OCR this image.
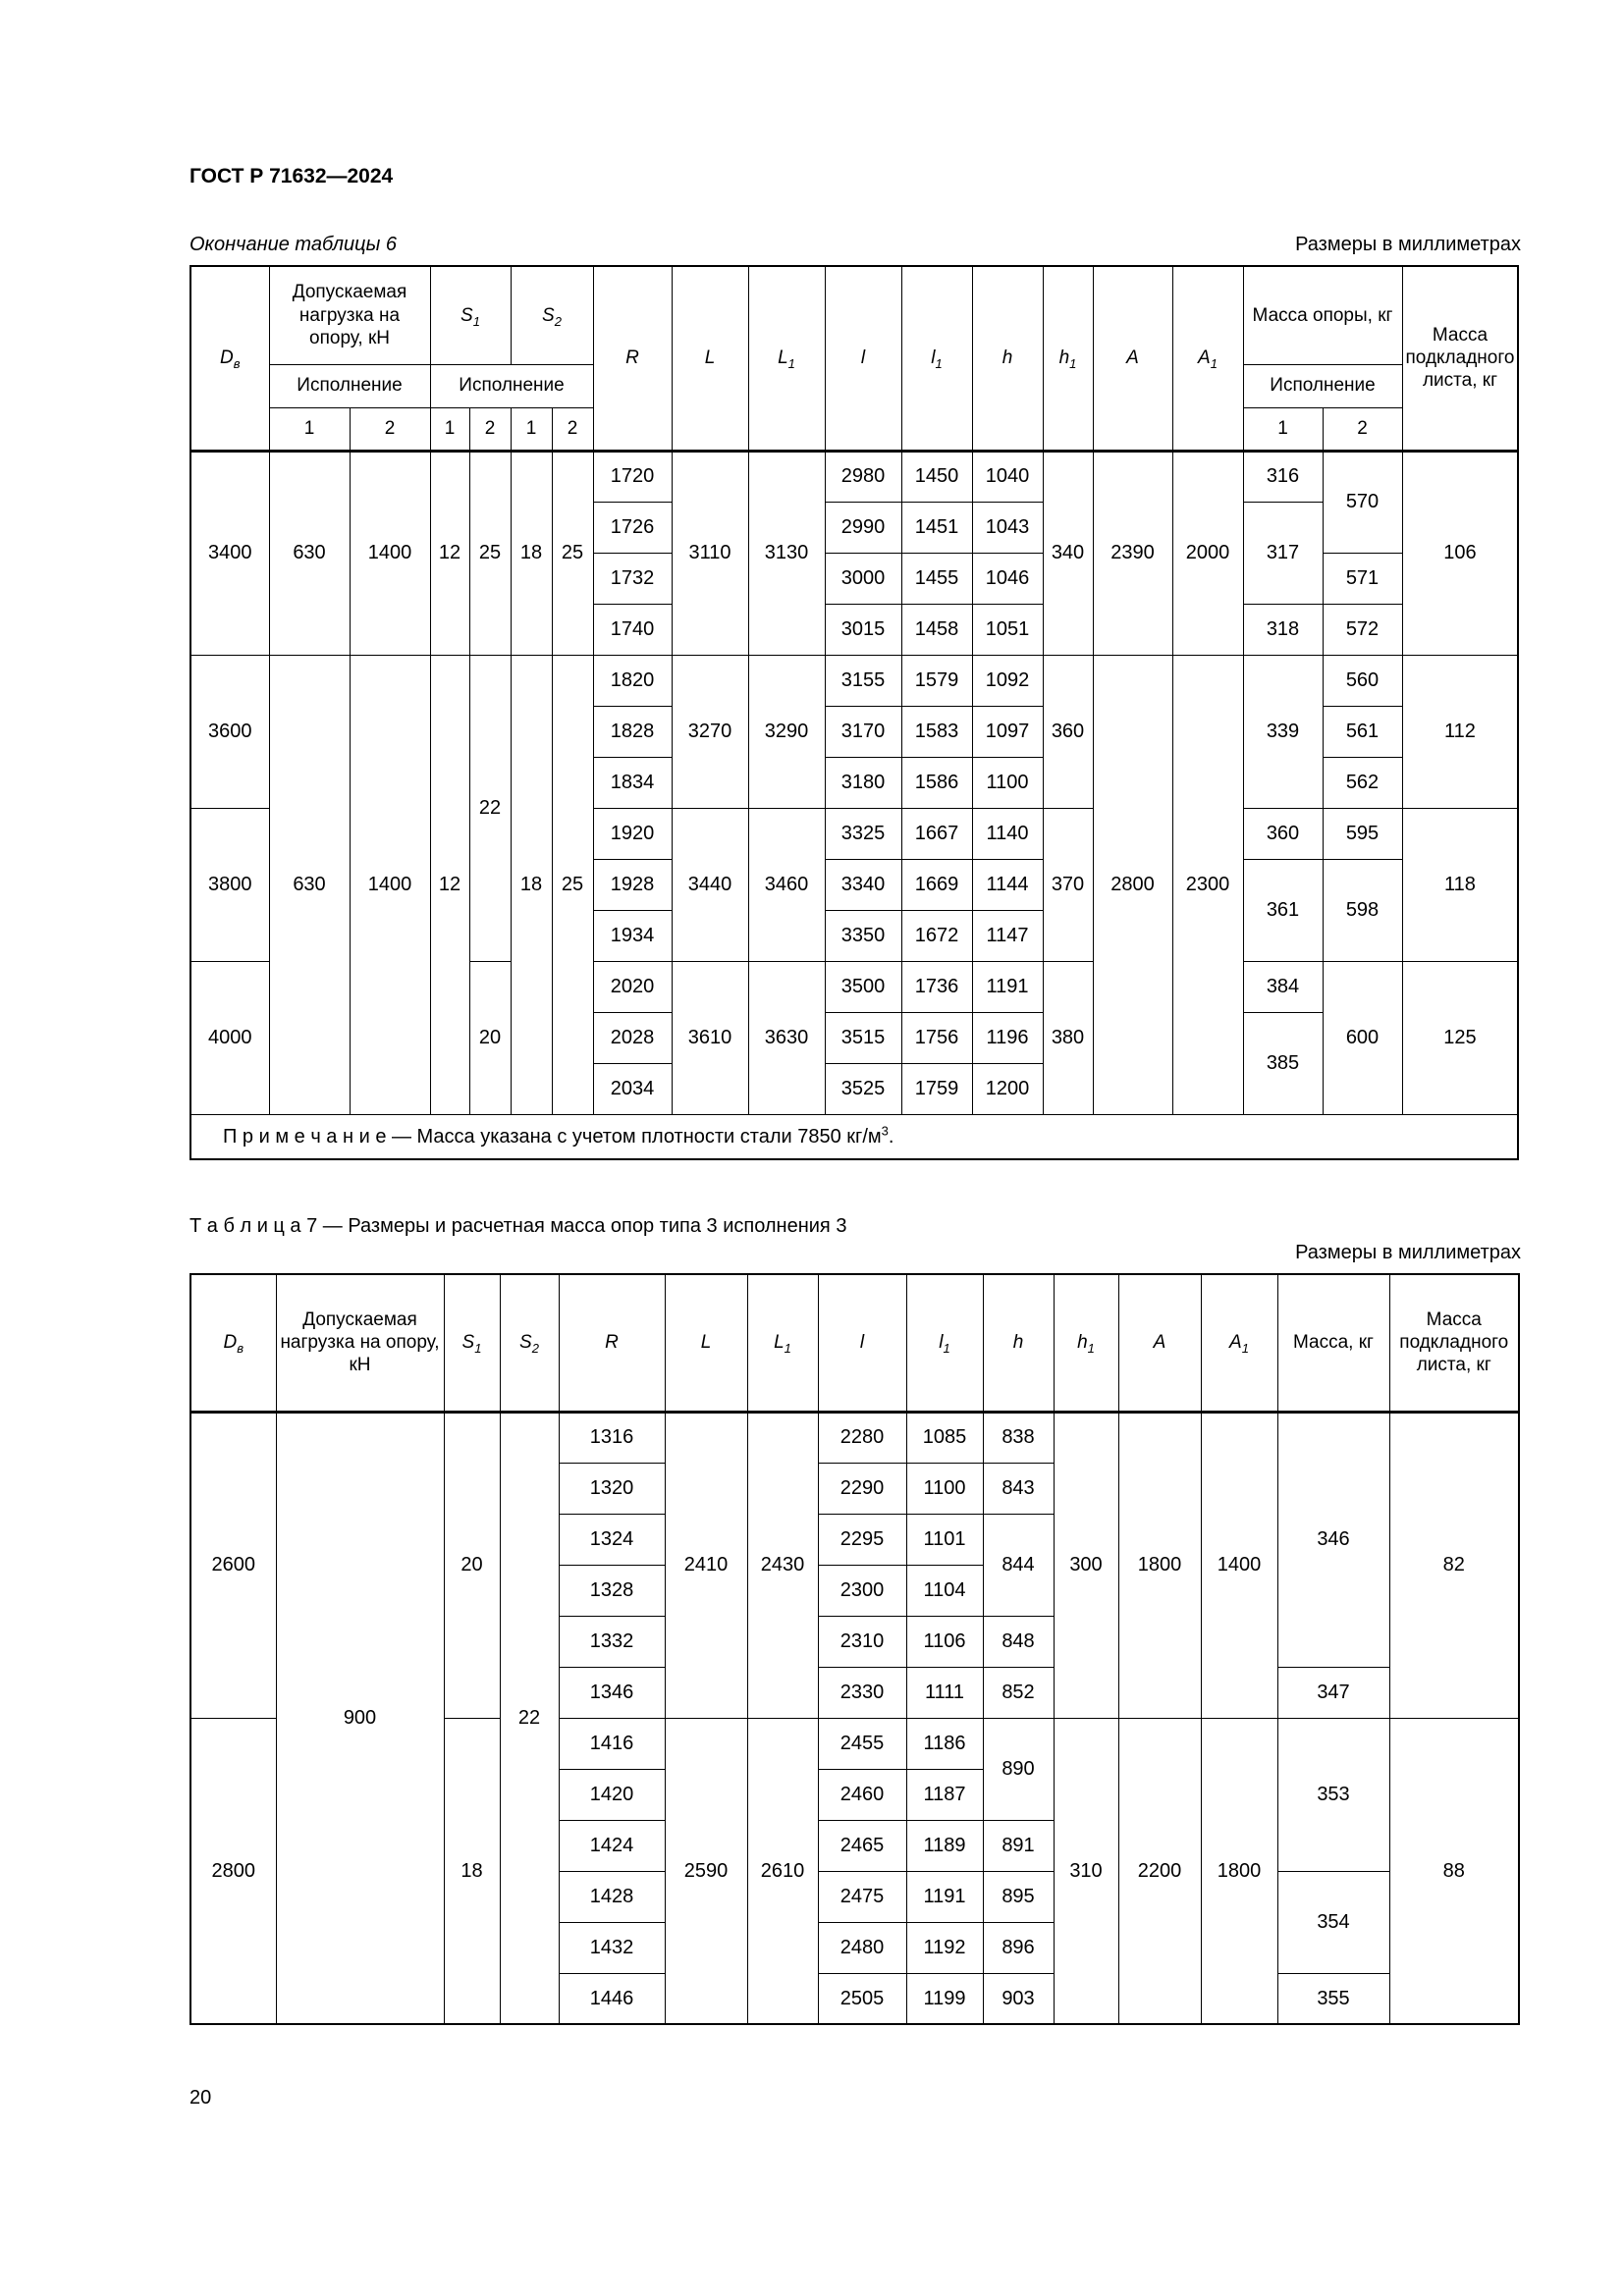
ГОСТ Р 71632—2024
Окончание таблицы 6	Размеры в миллиметрах
$D_в$	Допускаемая нагрузка на опору, кН		$S_1$		$S_2$		R	L	$L_1$	l	$l_1$	h	$h_1$	A	$A_1$	Масса опоры, кг		Масса подкладного листа, кг
	Исполнение		Исполнение													Исполнение		
	1	2	1	2	1	2										1	2	
3400	630	1400	12	25	18	25	1720	3110	3130	2980	1450	1040	340	2390	2000	316	570	106
							1726			2990	1451	1043				317		
							1732			3000	1455	1046					571	
							1740			3015	1458	1051				318	572	
3600	630	1400	12	22	18	25	1820	3270	3290	3155	1579	1092	360	2800	2300	339	560	112
							1828			3170	1583	1097					561	
							1834			3180	1586	1100					562	
3800							1920	3440	3460	3325	1667	1140	370			360	595	118
							1928			3340	1669	1144				361	598	
							1934			3350	1672	1147						
4000				20			2020	3610	3630	3500	1736	1191	380			384	600	125
							2028			3515	1756	1196				385		
							2034			3525	1759	1200						
П р и м е ч а н и е — Масса указана с учетом плотности стали 7850 $кг/м^3$.																		
Т а б л и ц а 7 — Размеры и расчетная масса опор типа 3 исполнения 3
Размеры в миллиметрах
$D_в$	Допускаемая нагрузка на опору, кН	$S_1$	$S_2$	R	L	$L_1$	l	$l_1$	h	$h_1$	A	$A_1$	Масса, кг	Масса подкладного листа, кг
2600	900	20	22	1316	2410	2430	2280	1085	838	300	1800	1400	346	82
				1320			2290	1100	843					
				1324			2295	1101	844					
				1328			2300	1104						
				1332			2310	1106	848					
				1346			2330	1111	852				347	
2800		18		1416	2590	2610	2455	1186	890	310	2200	1800	353	88
				1420			2460	1187						
				1424			2465	1189	891					
				1428			2475	1191	895				354	
				1432			2480	1192	896					
				1446			2505	1199	903				355	
20
